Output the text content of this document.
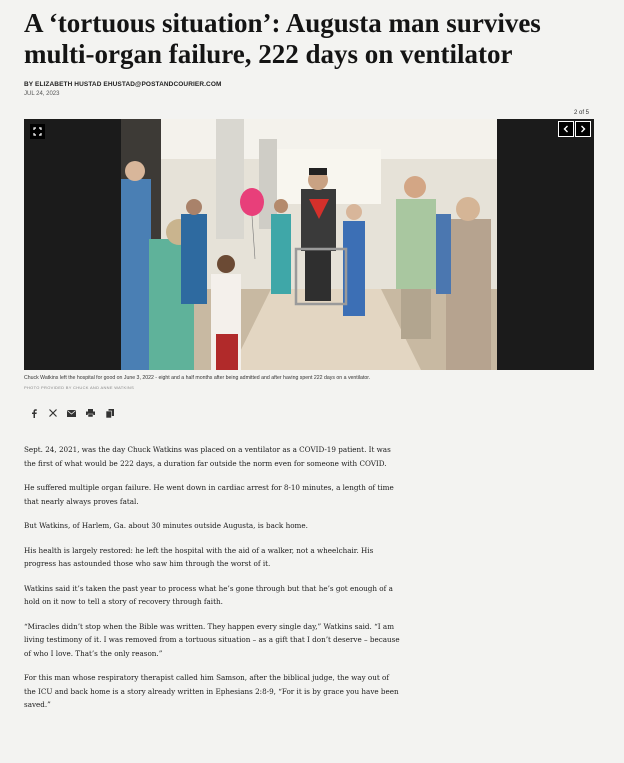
A ‘tortuous situation’: Augusta man survives multi-organ failure, 222 days on ventilator
BY ELIZABETH HUSTAD EHUSTAD@POSTANDCOURIER.COM
JUL 24, 2023
2 of 5
Chuck Watkins left the hospital for good on June 3, 2022 - eight and a half months after being admitted and after having spent 222 days on a ventilator.
PHOTO PROVIDED BY CHUCK AND ANNE WATKINS

Sept. 24, 2021, was the day Chuck Watkins was placed on a ventilator as a COVID-19 patient. It was the first of what would be 222 days, a duration far outside the norm even for someone with COVID.

He suffered multiple organ failure. He went down in cardiac arrest for 8-10 minutes, a length of time that nearly always proves fatal.

But Watkins, of Harlem, Ga. about 30 minutes outside Augusta, is back home.

His health is largely restored: he left the hospital with the aid of a walker, not a wheelchair. His progress has astounded those who saw him through the worst of it.

Watkins said it’s taken the past year to process what he’s gone through but that he’s got enough of a hold on it now to tell a story of recovery through faith.

“Miracles didn’t stop when the Bible was written. They happen every single day,” Watkins said. “I am living testimony of it. I was removed from a tortuous situation – as a gift that I don’t deserve – because of who I love. That’s the only reason.”

For this man whose respiratory therapist called him Samson, after the biblical judge, the way out of the ICU and back home is a story already written in Ephesians 2:8-9, “For it is by grace you have been saved.”
